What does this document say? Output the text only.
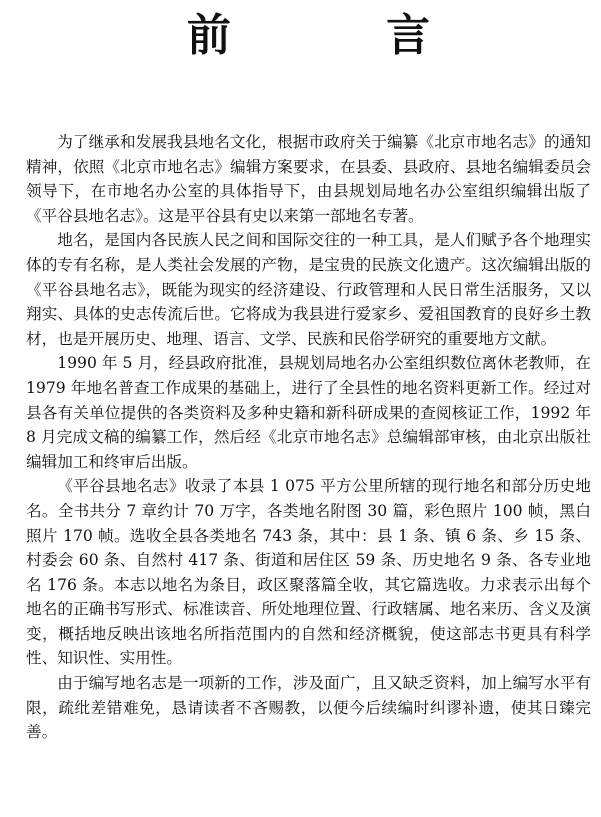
前 言

为了继承和发展我县地名文化，根据市政府关于编纂《北京市地名志》的通知精神，依照《北京市地名志》编辑方案要求，在县委、县政府、县地名编辑委员会领导下，在市地名办公室的具体指导下，由县规划局地名办公室组织编辑出版了《平谷县地名志》。这是平谷县有史以来第一部地名专著。

地名，是国内各民族人民之间和国际交往的一种工具，是人们赋予各个地理实体的专有名称，是人类社会发展的产物，是宝贵的民族文化遗产。这次编辑出版的《平谷县地名志》，既能为现实的经济建设、行政管理和人民日常生活服务，又以翔实、具体的史志传流后世。它将成为我县进行爱家乡、爱祖国教育的良好乡土教材，也是开展历史、地理、语言、文学、民族和民俗学研究的重要地方文献。

1990 年 5 月，经县政府批准，县规划局地名办公室组织数位离休老教师，在 1979 年地名普查工作成果的基础上，进行了全县性的地名资料更新工作。经过对县各有关单位提供的各类资料及多种史籍和新科研成果的查阅核证工作，1992 年 8 月完成文稿的编纂工作，然后经《北京市地名志》总编辑部审核，由北京出版社编辑加工和终审后出版。

《平谷县地名志》收录了本县 1 075 平方公里所辖的现行地名和部分历史地名。全书共分 7 章约计 70 万字，各类地名附图 30 篇，彩色照片 100 帧，黑白照片 170 帧。选收全县各类地名 743 条，其中：县 1 条、镇 6 条、乡 15 条、村委会 60 条、自然村 417 条、街道和居住区 59 条、历史地名 9 条、各专业地名 176 条。本志以地名为条目，政区聚落篇全收，其它篇选收。力求表示出每个地名的正确书写形式、标准读音、所处地理位置、行政辖属、地名来历、含义及演变，概括地反映出该地名所指范围内的自然和经济概貌，使这部志书更具有科学性、知识性、实用性。

由于编写地名志是一项新的工作，涉及面广，且又缺乏资料，加上编写水平有限，疏纰差错难免，恳请读者不吝赐教，以便今后续编时纠谬补遗，使其日臻完善。
